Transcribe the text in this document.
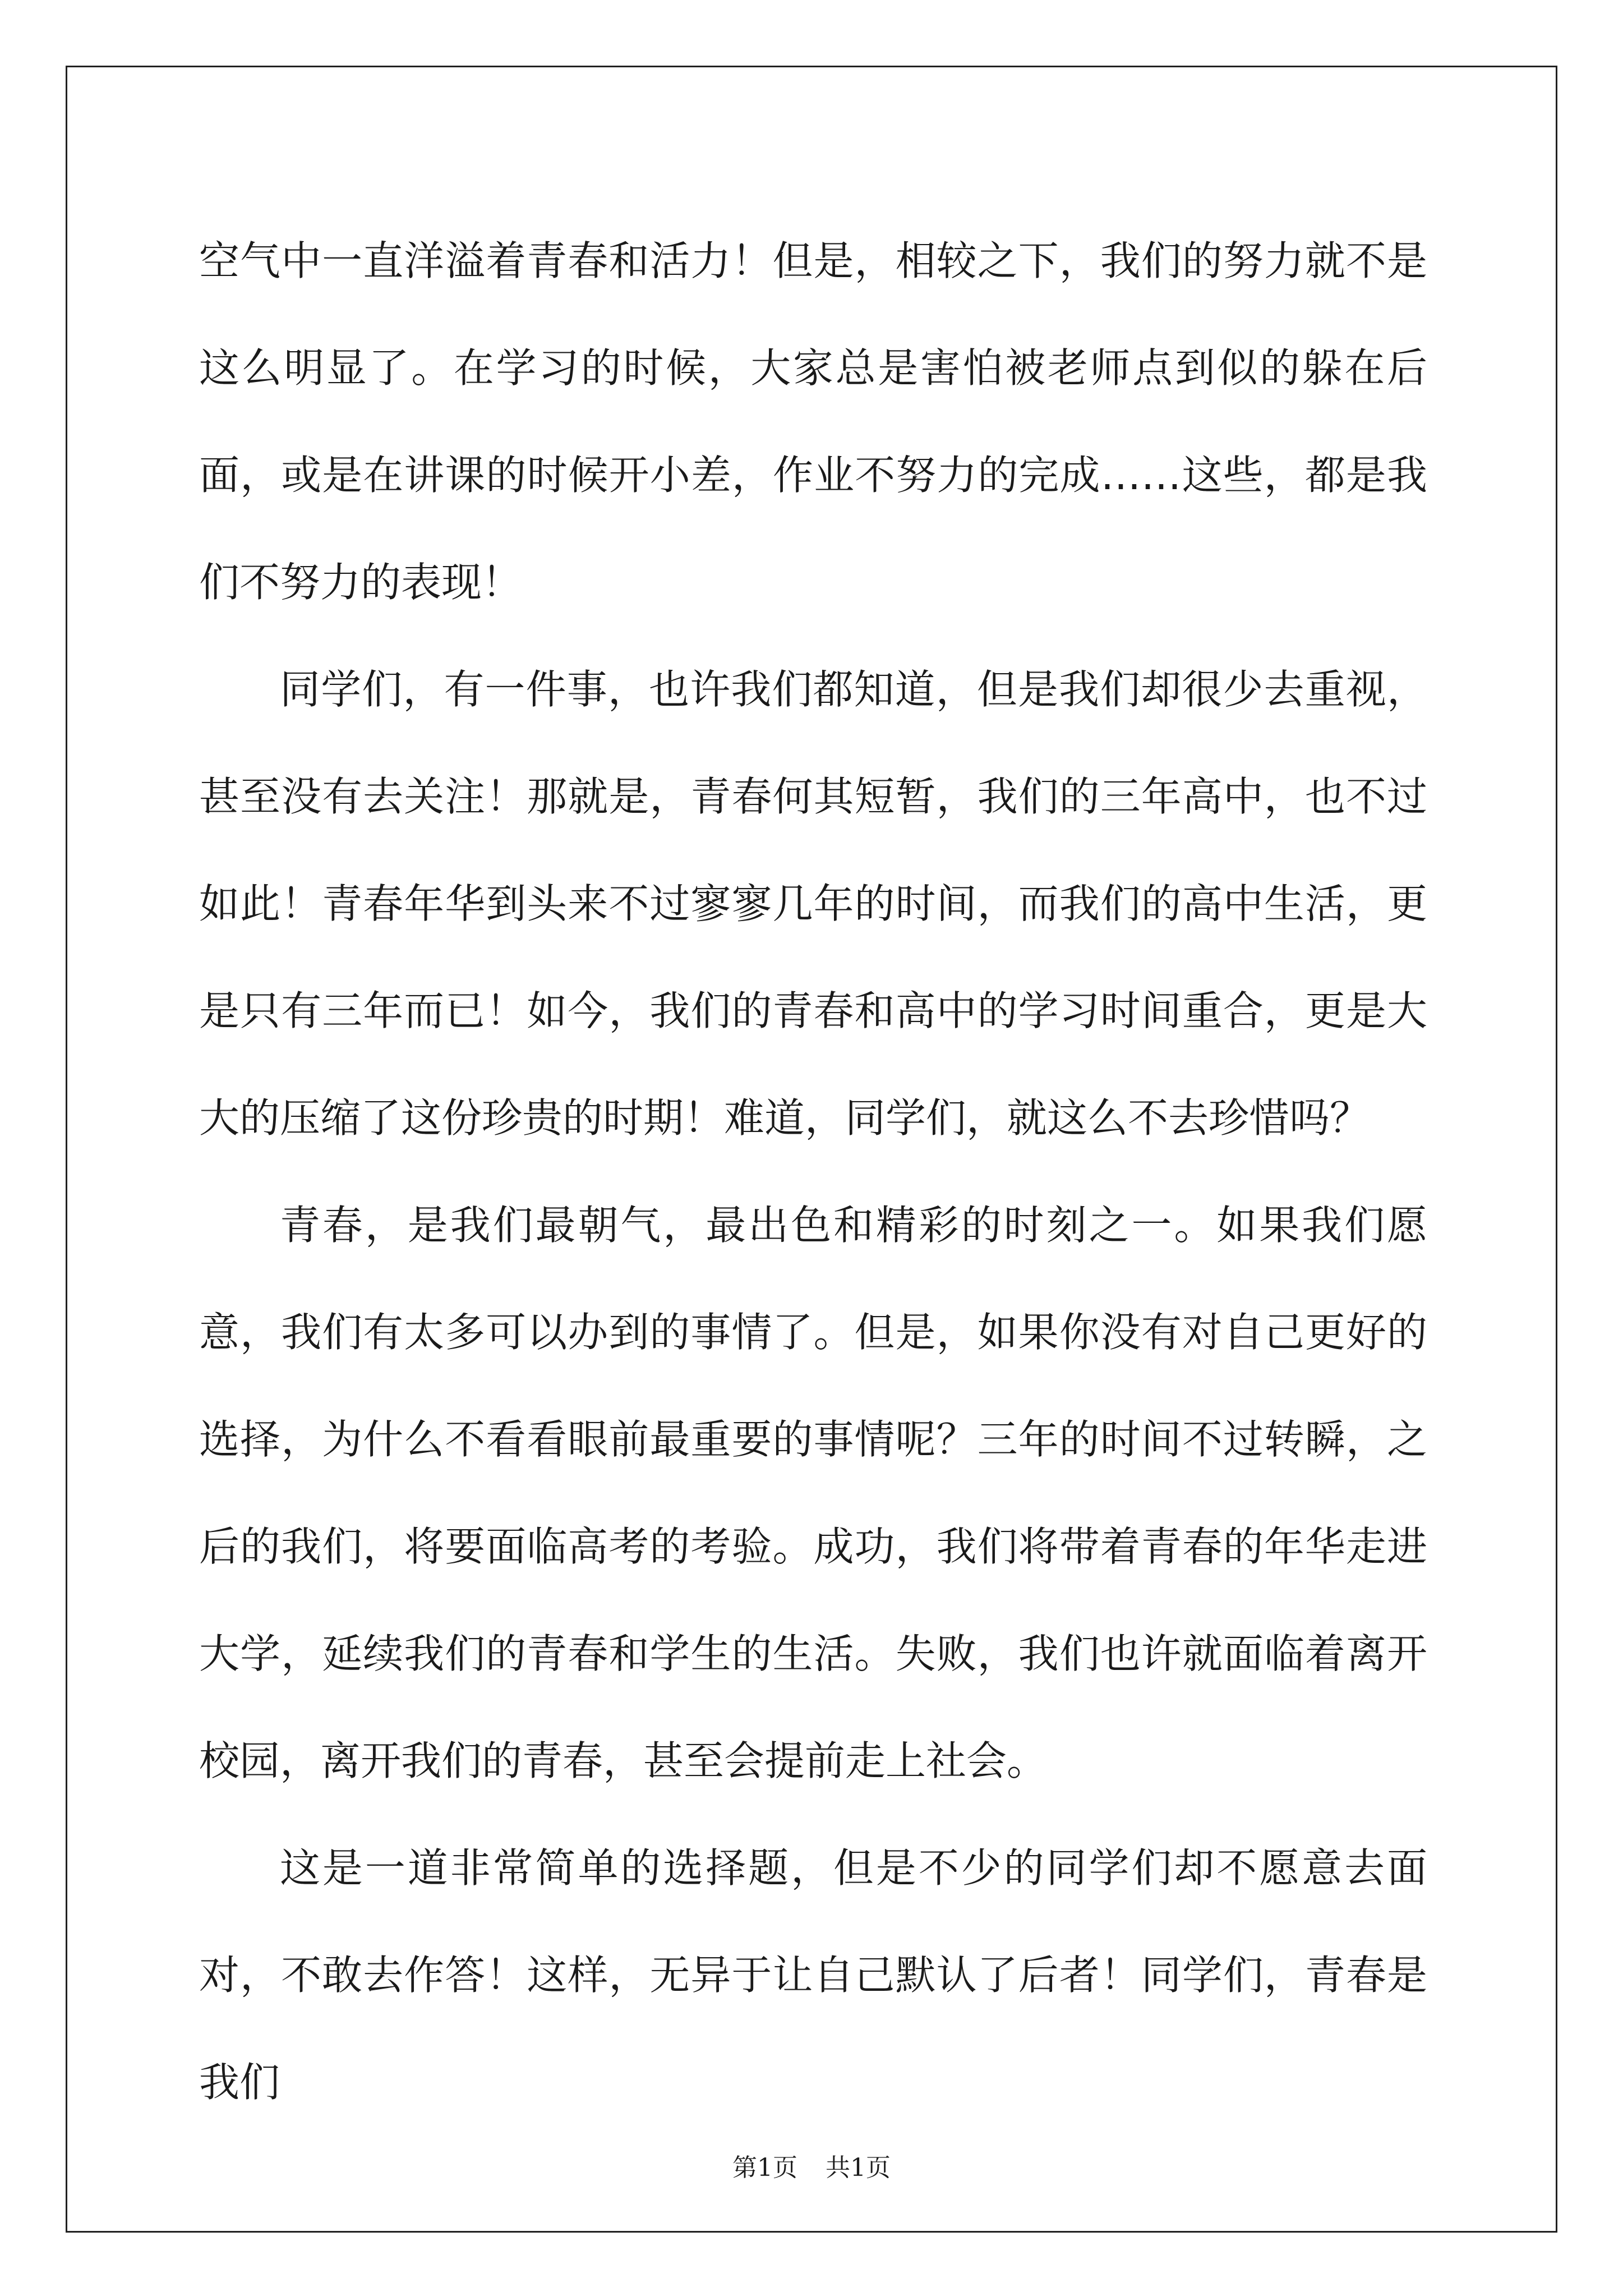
空气中一直洋溢着青春和活力！但是，相较之下，我们的努力就不是这么明显了。在学习的时候，大家总是害怕被老师点到似的躲在后面，或是在讲课的时候开小差，作业不努力的完成……这些，都是我们不努力的表现！

同学们，有一件事，也许我们都知道，但是我们却很少去重视，甚至没有去关注！那就是，青春何其短暂，我们的三年高中，也不过如此！青春年华到头来不过寥寥几年的时间，而我们的高中生活，更是只有三年而已！如今，我们的青春和高中的学习时间重合，更是大大的压缩了这份珍贵的时期！难道，同学们，就这么不去珍惜吗？

青春，是我们最朝气，最出色和精彩的时刻之一。如果我们愿意，我们有太多可以办到的事情了。但是，如果你没有对自己更好的选择，为什么不看看眼前最重要的事情呢？三年的时间不过转瞬，之后的我们，将要面临高考的考验。成功，我们将带着青春的年华走进大学，延续我们的青春和学生的生活。失败，我们也许就面临着离开校园，离开我们的青春，甚至会提前走上社会。

这是一道非常简单的选择题，但是不少的同学们却不愿意去面对，不敢去作答！这样，无异于让自己默认了后者！同学们，青春是我们

第1页 共1页
